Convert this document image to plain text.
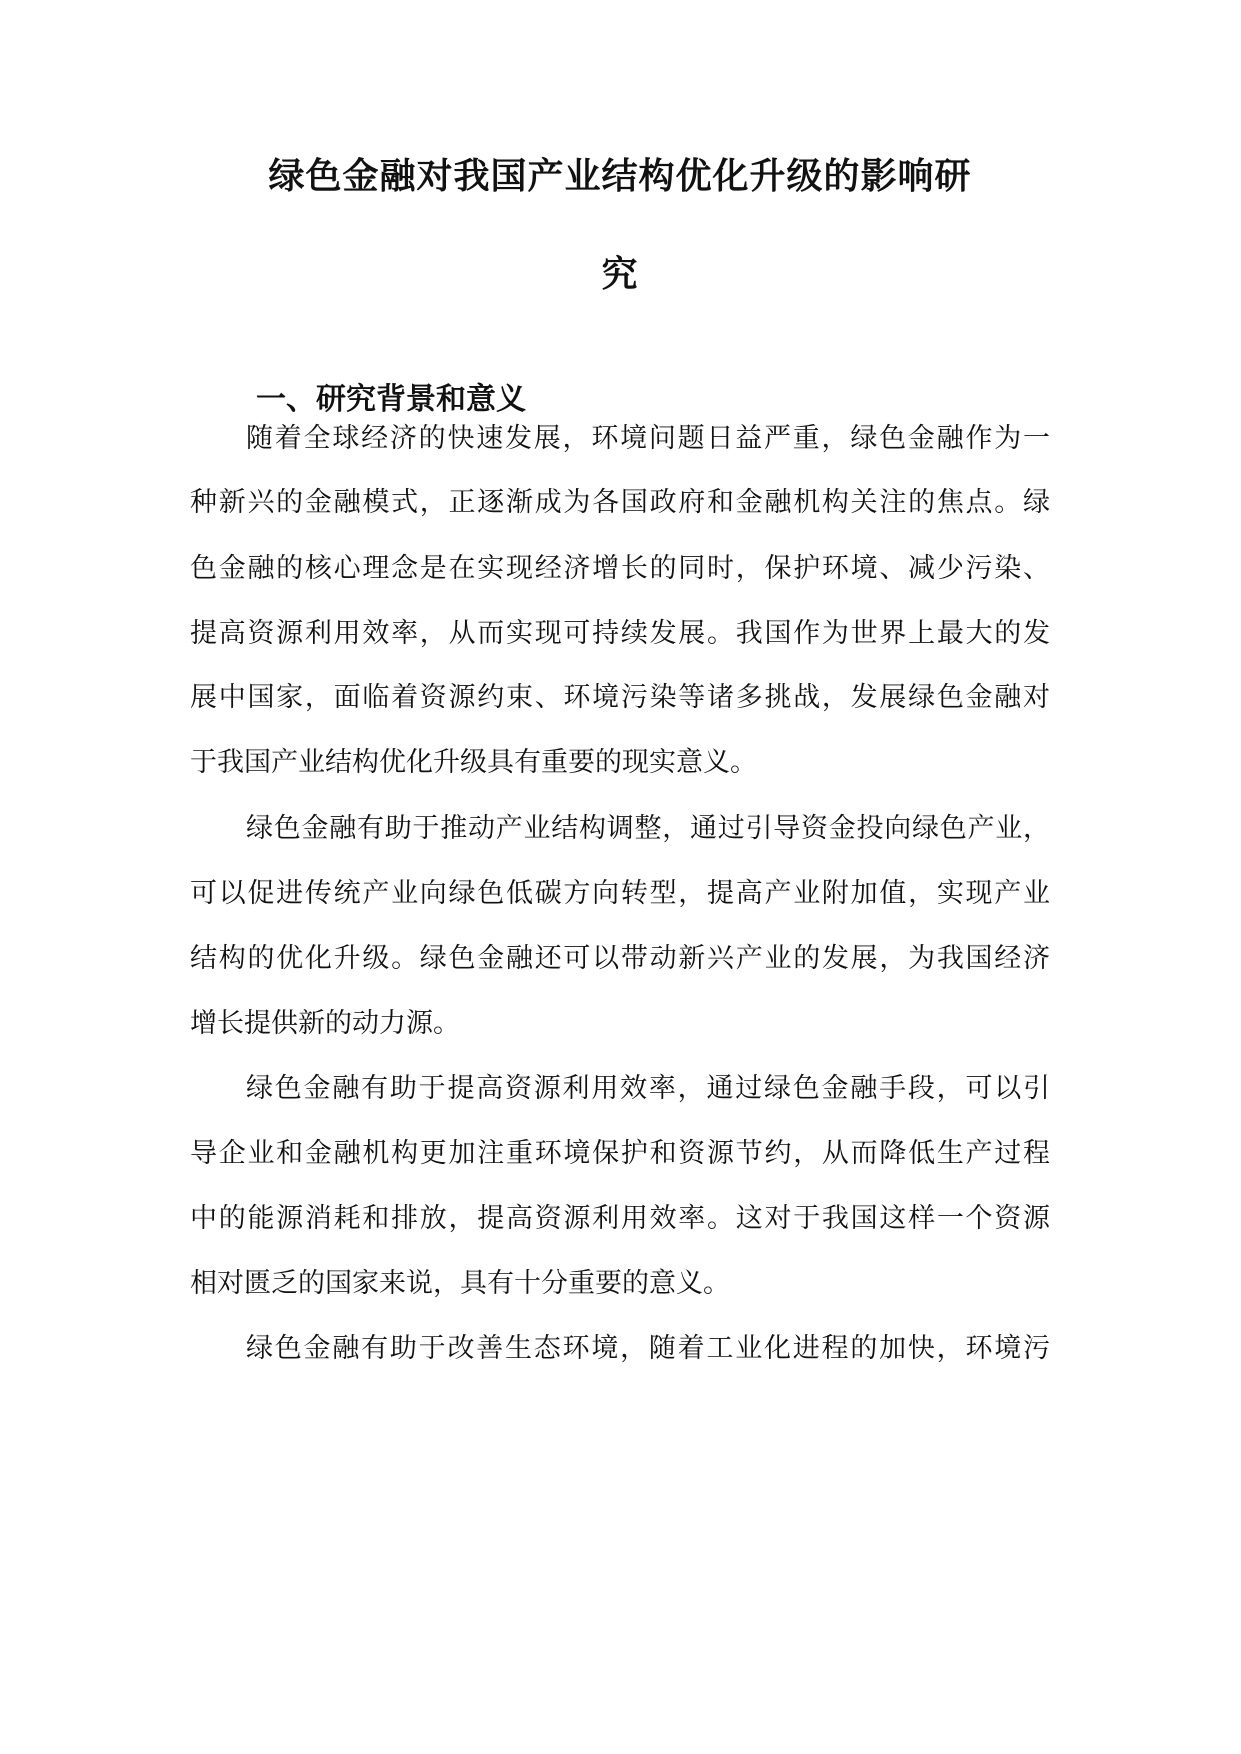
绿色金融对我国产业结构优化升级的影响研
究
一、研究背景和意义
随着全球经济的快速发展，环境问题日益严重，绿色金融作为一
种新兴的金融模式，正逐渐成为各国政府和金融机构关注的焦点。绿
色金融的核心理念是在实现经济增长的同时，保护环境、减少污染、
提高资源利用效率，从而实现可持续发展。我国作为世界上最大的发
展中国家，面临着资源约束、环境污染等诸多挑战，发展绿色金融对
于我国产业结构优化升级具有重要的现实意义。
绿色金融有助于推动产业结构调整，通过引导资金投向绿色产业，
可以促进传统产业向绿色低碳方向转型，提高产业附加值，实现产业
结构的优化升级。绿色金融还可以带动新兴产业的发展，为我国经济
增长提供新的动力源。
绿色金融有助于提高资源利用效率，通过绿色金融手段，可以引
导企业和金融机构更加注重环境保护和资源节约，从而降低生产过程
中的能源消耗和排放，提高资源利用效率。这对于我国这样一个资源
相对匮乏的国家来说，具有十分重要的意义。
绿色金融有助于改善生态环境，随着工业化进程的加快，环境污
